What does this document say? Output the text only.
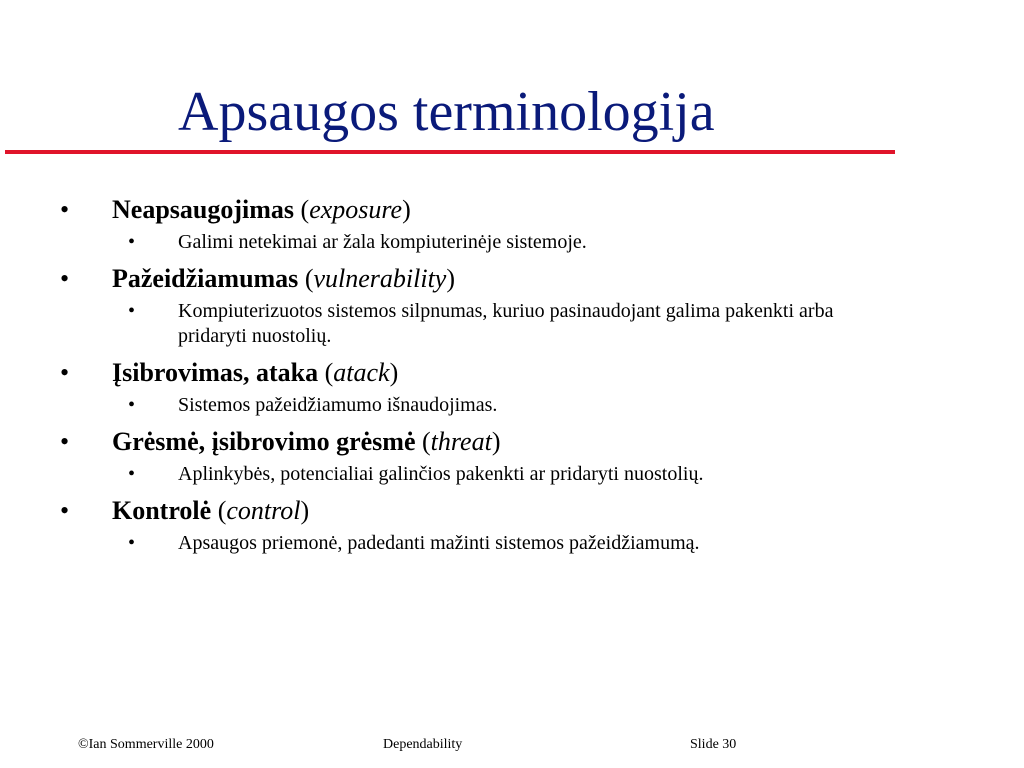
Apsaugos terminologija
• Neapsaugojimas (exposure)
• Galimi netekimai ar žala kompiuterinėje sistemoje.
• Pažeidžiamumas (vulnerability)
• Kompiuterizuotos sistemos silpnumas, kuriuo pasinaudojant galima pakenkti arba pridaryti nuostolių.
• Įsibrovimas, ataka (atack)
• Sistemos pažeidžiamumo išnaudojimas.
• Grėsmė, įsibrovimo grėsmė (threat)
• Aplinkybės, potencialiai galinčios pakenkti ar pridaryti nuostolių.
• Kontrolė (control)
• Apsaugos priemonė, padedanti mažinti sistemos pažeidžiamumą.
©Ian Sommerville 2000	Dependability	Slide 30
